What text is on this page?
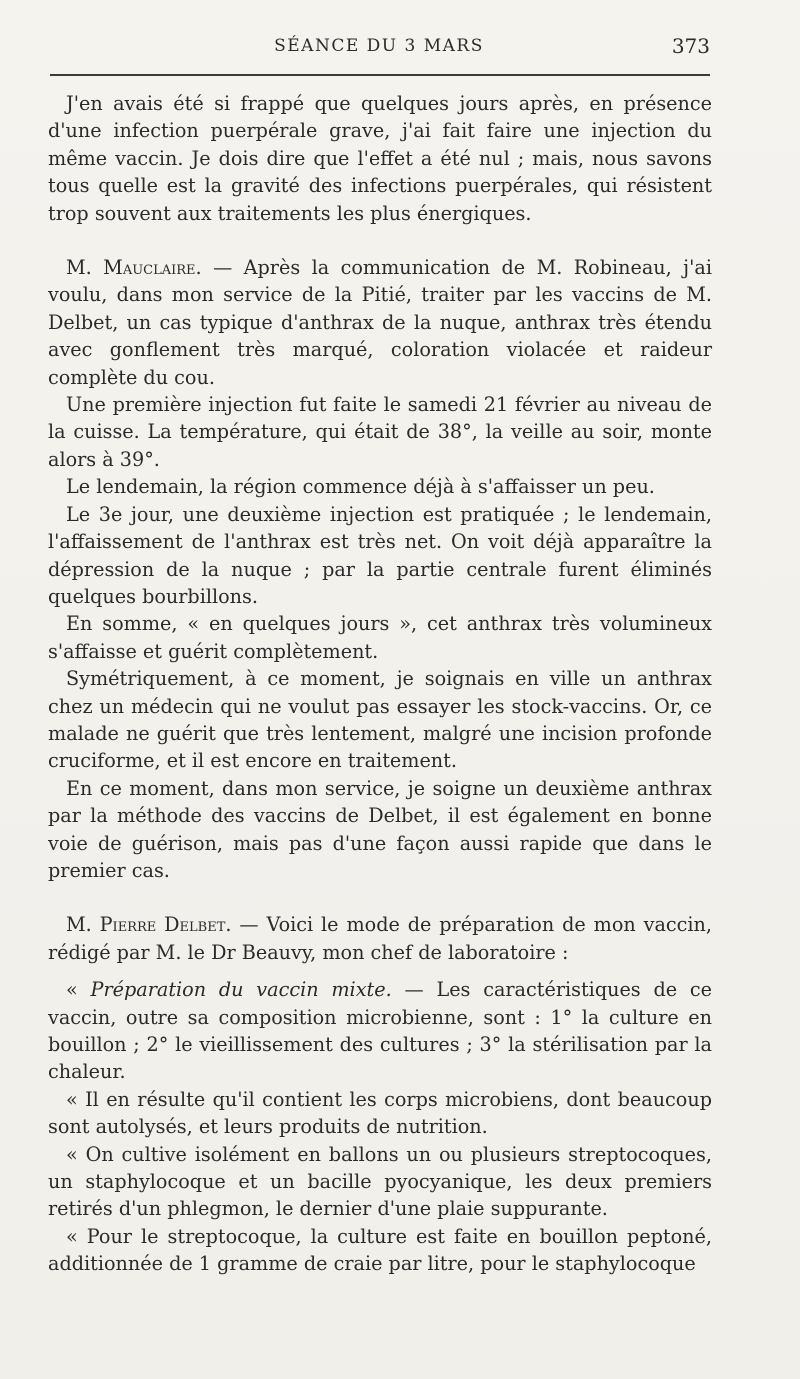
SÉANCE DU 3 MARS	373

J'en avais été si frappé que quelques jours après, en présence d'une infection puerpérale grave, j'ai fait faire une injection du même vaccin. Je dois dire que l'effet a été nul ; mais, nous savons tous quelle est la gravité des infections puerpérales, qui résistent trop souvent aux traitements les plus énergiques.

M. Mauclaire. — Après la communication de M. Robineau, j'ai voulu, dans mon service de la Pitié, traiter par les vaccins de M. Delbet, un cas typique d'anthrax de la nuque, anthrax très étendu avec gonflement très marqué, coloration violacée et raideur complète du cou.

Une première injection fut faite le samedi 21 février au niveau de la cuisse. La température, qui était de 38°, la veille au soir, monte alors à 39°.

Le lendemain, la région commence déjà à s'affaisser un peu.

Le 3e jour, une deuxième injection est pratiquée ; le lendemain, l'affaissement de l'anthrax est très net. On voit déjà apparaître la dépression de la nuque ; par la partie centrale furent éliminés quelques bourbillons.

En somme, « en quelques jours », cet anthrax très volumineux s'affaisse et guérit complètement.

Symétriquement, à ce moment, je soignais en ville un anthrax chez un médecin qui ne voulut pas essayer les stock-vaccins. Or, ce malade ne guérit que très lentement, malgré une incision profonde cruciforme, et il est encore en traitement.

En ce moment, dans mon service, je soigne un deuxième anthrax par la méthode des vaccins de Delbet, il est également en bonne voie de guérison, mais pas d'une façon aussi rapide que dans le premier cas.

M. Pierre Delbet. — Voici le mode de préparation de mon vaccin, rédigé par M. le Dr Beauvy, mon chef de laboratoire :

« Préparation du vaccin mixte. — Les caractéristiques de ce vaccin, outre sa composition microbienne, sont : 1° la culture en bouillon ; 2° le vieillissement des cultures ; 3° la stérilisation par la chaleur.

« Il en résulte qu'il contient les corps microbiens, dont beaucoup sont autolysés, et leurs produits de nutrition.

« On cultive isolément en ballons un ou plusieurs streptocoques, un staphylocoque et un bacille pyocyanique, les deux premiers retirés d'un phlegmon, le dernier d'une plaie suppurante.

« Pour le streptocoque, la culture est faite en bouillon peptoné, additionnée de 1 gramme de craie par litre, pour le staphylocoque
